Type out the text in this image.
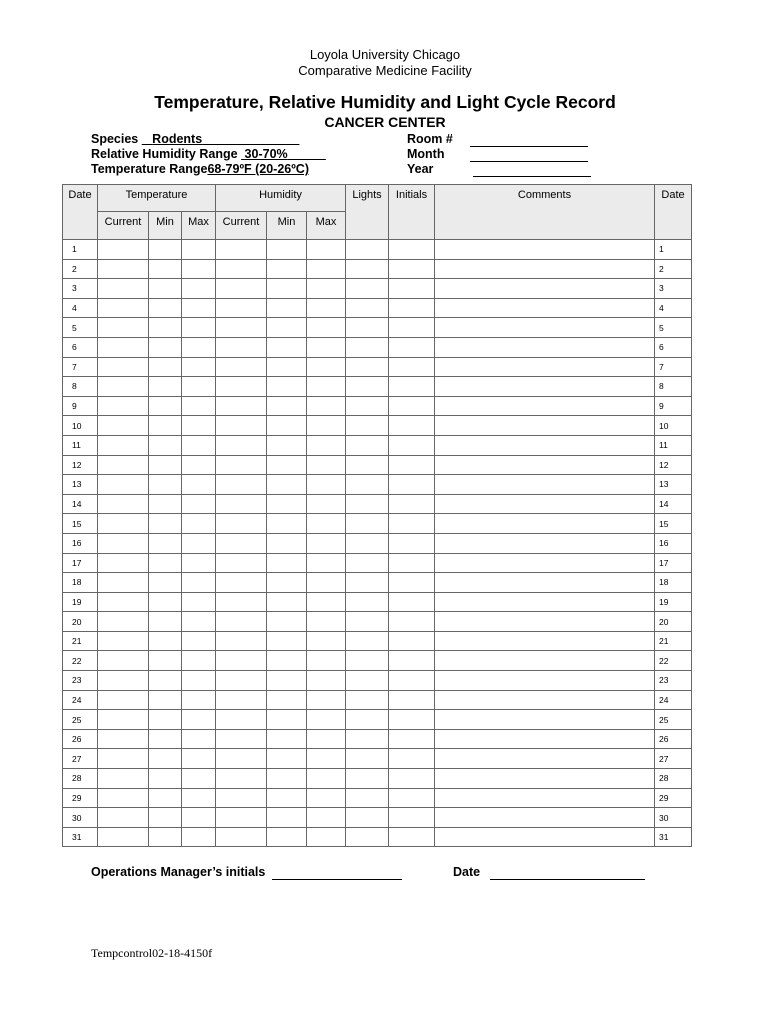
Loyola University Chicago
Comparative Medicine Facility
Temperature, Relative Humidity and Light Cycle Record
CANCER CENTER
Species Rodents
Relative Humidity Range 30-70%
Temperature Range68-79ºF (20-26ºC)
Room #
Month
Year
Date	Temperature			Humidity			Lights	Initials	Comments	Date
	Current	Min	Max	Current	Min	Max				
1										1
2										2
3										3
4										4
5										5
6										6
7										7
8										8
9										9
10										10
11										11
12										12
13										13
14										14
15										15
16										16
17										17
18										18
19										19
20										20
21										21
22										22
23										23
24										24
25										25
26										26
27										27
28										28
29										29
30										30
31										31
Operations Manager’s initials	Date
Tempcontrol02-18-4150f
